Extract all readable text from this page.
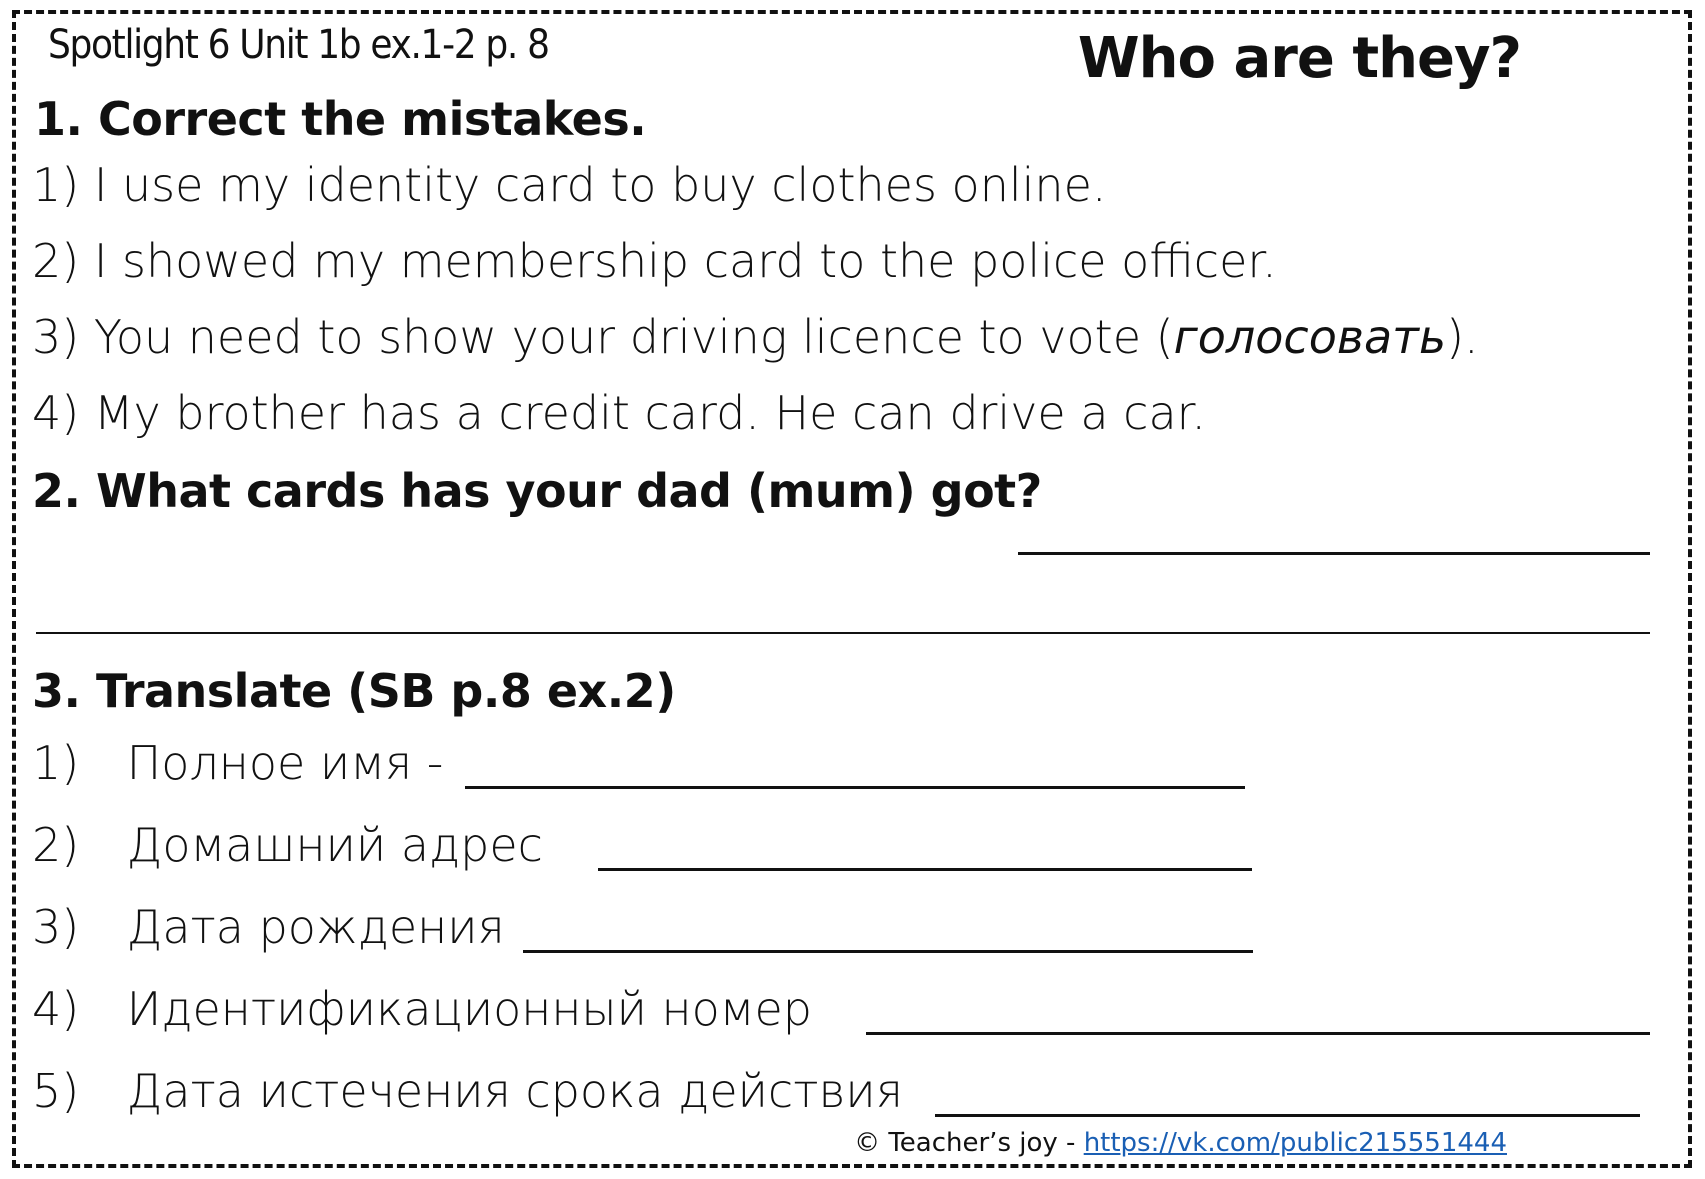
Spotlight 6 Unit 1b ex.1-2 p. 8	Who are they?
1. Correct the mistakes.
1) I use my identity card to buy clothes online.
2) I showed my membership card to the police officer.
3) You need to show your driving licence to vote (голосовать).
4) My brother has a credit card. He can drive a car.
2. What cards has your dad (mum) got?
3. Translate (SB p.8 ex.2)
1) Полное имя -
2) Домашний адрес
3) Дата рождения
4) Идентификационный номер
5) Дата истечения срока действия
© Teacher’s joy - https://vk.com/public215551444
